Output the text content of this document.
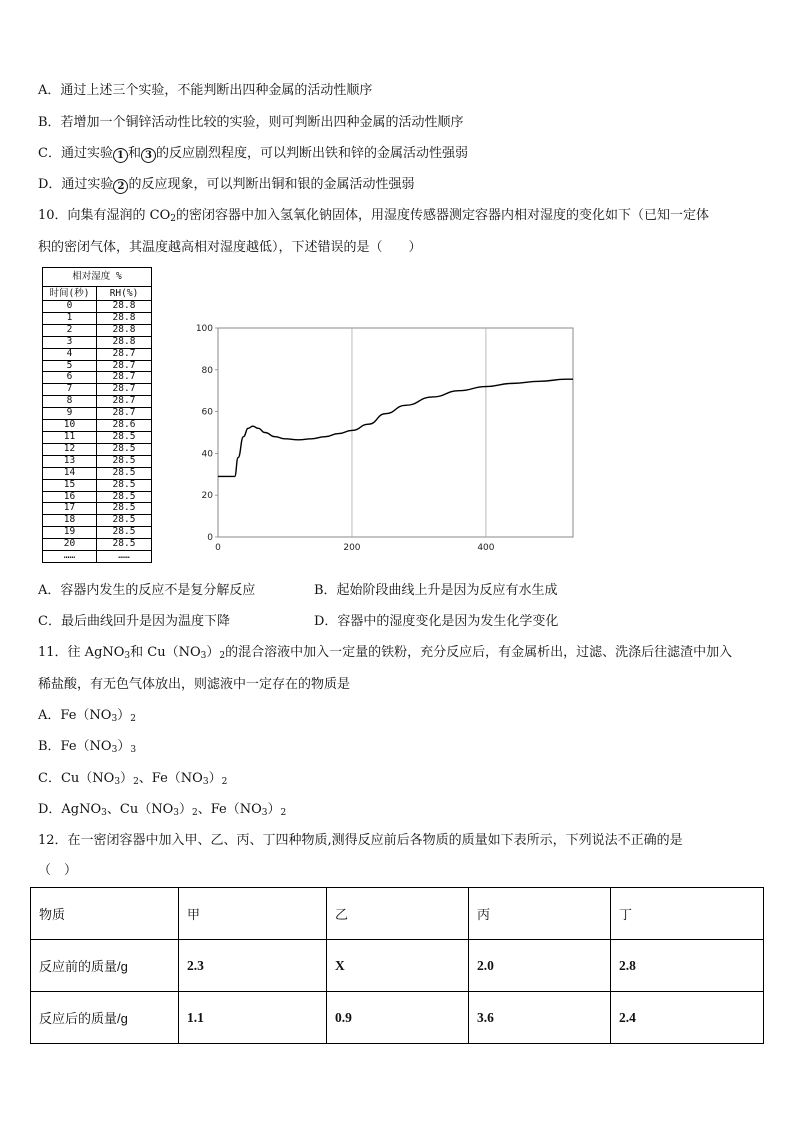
A．通过上述三个实验，不能判断出四种金属的活动性顺序
B．若增加一个铜锌活动性比较的实验，则可判断出四种金属的活动性顺序
C．通过实验 1 和 3 的反应剧烈程度，可以判断出铁和锌的金属活动性强弱
D．通过实验 2 的反应现象，可以判断出铜和银的金属活动性强弱
10．向集有湿润的 $CO_2$的密闭容器中加入氢氧化钠固体，用湿度传感器测定容器内相对湿度的变化如下（已知一定体
积的密闭气体，其温度越高相对湿度越低），下述错误的是（　　）
相对湿度 %	
时间(秒)	RH(%)
0	28.8
1	28.8
2	28.8
3	28.8
4	28.7
5	28.7
6	28.7
7	28.7
8	28.7
9	28.7
10	28.6
11	28.5
12	28.5
13	28.5
14	28.5
15	28.5
16	28.5
17	28.5
18	28.5
19	28.5
20	28.5
……	……
0	200	400
0
20
40
60
80
100
A．容器内发生的反应不是复分解反应	B．起始阶段曲线上升是因为反应有水生成
C．最后曲线回升是因为温度下降	D．容器中的湿度变化是因为发生化学变化
11．往 AgNO$_3$和 $Cu(NO_3)_2$的混合溶液中加入一定量的铁粉，充分反应后，有金属析出，过滤、洗涤后往滤渣中加入
稀盐酸，有无色气体放出，则滤液中一定存在的物质是
A．$Fe(NO_3)_2$
B．$Fe(NO_3)_3$
C．$Cu(NO_3)_2$、$Fe(NO_3)_2$
D．AgNO$_3$、$Cu(NO_3)_2$、$Fe(NO_3)_2$
12．在一密闭容器中加入甲、乙、丙、丁四种物质,测得反应前后各物质的质量如下表所示，下列说法不正确的是
（　）
物质	甲	乙	丙	丁
反应前的质量/g	2.3	X	2.0	2.8
反应后的质量/g	1.1	0.9	3.6	2.4
